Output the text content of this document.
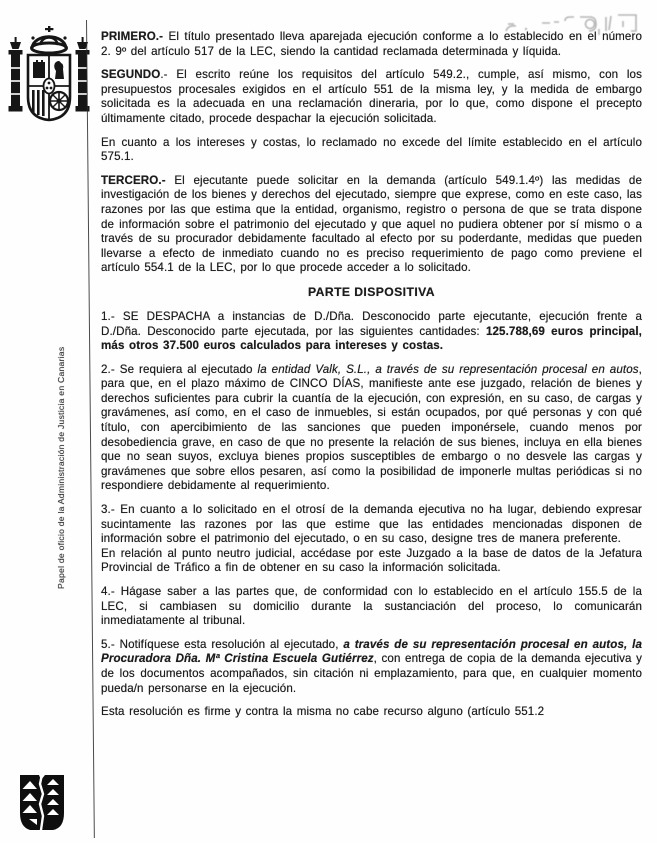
Papel de oficio de la Administración de Justicia en Canarias

PRIMERO.- El título presentado lleva aparejada ejecución conforme a lo establecido en el número 2. 9º del artículo 517 de la LEC, siendo la cantidad reclamada determinada y líquida.

SEGUNDO.- El escrito reúne los requisitos del artículo 549.2., cumple, así mismo, con los presupuestos procesales exigidos en el artículo 551 de la misma ley, y la medida de embargo solicitada es la adecuada en una reclamación dineraria, por lo que, como dispone el precepto últimamente citado, procede despachar la ejecución solicitada.

En cuanto a los intereses y costas, lo reclamado no excede del límite establecido en el artículo 575.1.

TERCERO.- El ejecutante puede solicitar en la demanda (artículo 549.1.4º) las medidas de investigación de los bienes y derechos del ejecutado, siempre que exprese, como en este caso, las razones por las que estima que la entidad, organismo, registro o persona de que se trata dispone de información sobre el patrimonio del ejecutado y que aquel no pudiera obtener por sí mismo o a través de su procurador debidamente facultado al efecto por su poderdante, medidas que pueden llevarse a efecto de inmediato cuando no es preciso requerimiento de pago como previene el artículo 554.1 de la LEC, por lo que procede acceder a lo solicitado.

PARTE DISPOSITIVA

1.- SE DESPACHA a instancias de D./Dña. Desconocido parte ejecutante, ejecución frente a D./Dña. Desconocido parte ejecutada, por las siguientes cantidades: 125.788,69 euros principal, más otros 37.500 euros calculados para intereses y costas.

2.- Se requiera al ejecutado la entidad Valk, S.L., a través de su representación procesal en autos, para que, en el plazo máximo de CINCO DÍAS, manifieste ante ese juzgado, relación de bienes y derechos suficientes para cubrir la cuantía de la ejecución, con expresión, en su caso, de cargas y gravámenes, así como, en el caso de inmuebles, si están ocupados, por qué personas y con qué título, con apercibimiento de las sanciones que pueden imponérsele, cuando menos por desobediencia grave, en caso de que no presente la relación de sus bienes, incluya en ella bienes que no sean suyos, excluya bienes propios susceptibles de embargo o no desvele las cargas y gravámenes que sobre ellos pesaren, así como la posibilidad de imponerle multas periódicas si no respondiere debidamente al requerimiento.

3.- En cuanto a lo solicitado en el otrosí de la demanda ejecutiva no ha lugar, debiendo expresar sucintamente las razones por las que estime que las entidades mencionadas disponen de información sobre el patrimonio del ejecutado, o en su caso, designe tres de manera preferente.

En relación al punto neutro judicial, accédase por este Juzgado a la base de datos de la Jefatura Provincial de Tráfico a fin de obtener en su caso la información solicitada.

4.- Hágase saber a las partes que, de conformidad con lo establecido en el artículo 155.5 de la LEC, si cambiasen su domicilio durante la sustanciación del proceso, lo comunicarán inmediatamente al tribunal.

5.- Notifíquese esta resolución al ejecutado, a través de su representación procesal en autos, la Procuradora Dña. Mª Cristina Escuela Gutiérrez, con entrega de copia de la demanda ejecutiva y de los documentos acompañados, sin citación ni emplazamiento, para que, en cualquier momento pueda/n personarse en la ejecución.

Esta resolución es firme y contra la misma no cabe recurso alguno (artículo 551.2
